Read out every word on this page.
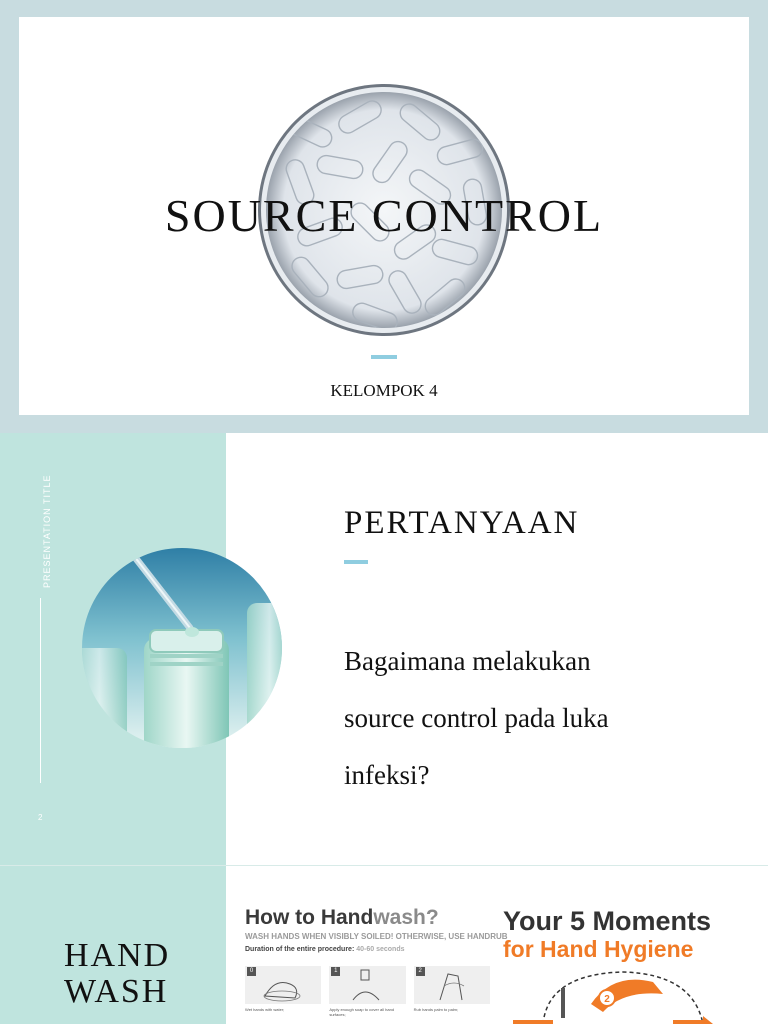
SOURCE CONTROL
KELOMPOK 4
PRESENTATION TITLE
2
PERTANYAAN
Bagaimana melakukan
source control pada luka
infeksi?
HAND
WASH
How to Handwash?
WASH HANDS WHEN VISIBLY SOILED! OTHERWISE, USE HANDRUB
Duration of the entire procedure: 40-60 seconds
0	1	2
Wet hands with water;	Apply enough soap to cover all hand surfaces;
Rub hands palm to palm;
Your 5 Moments
for Hand Hygiene
2
